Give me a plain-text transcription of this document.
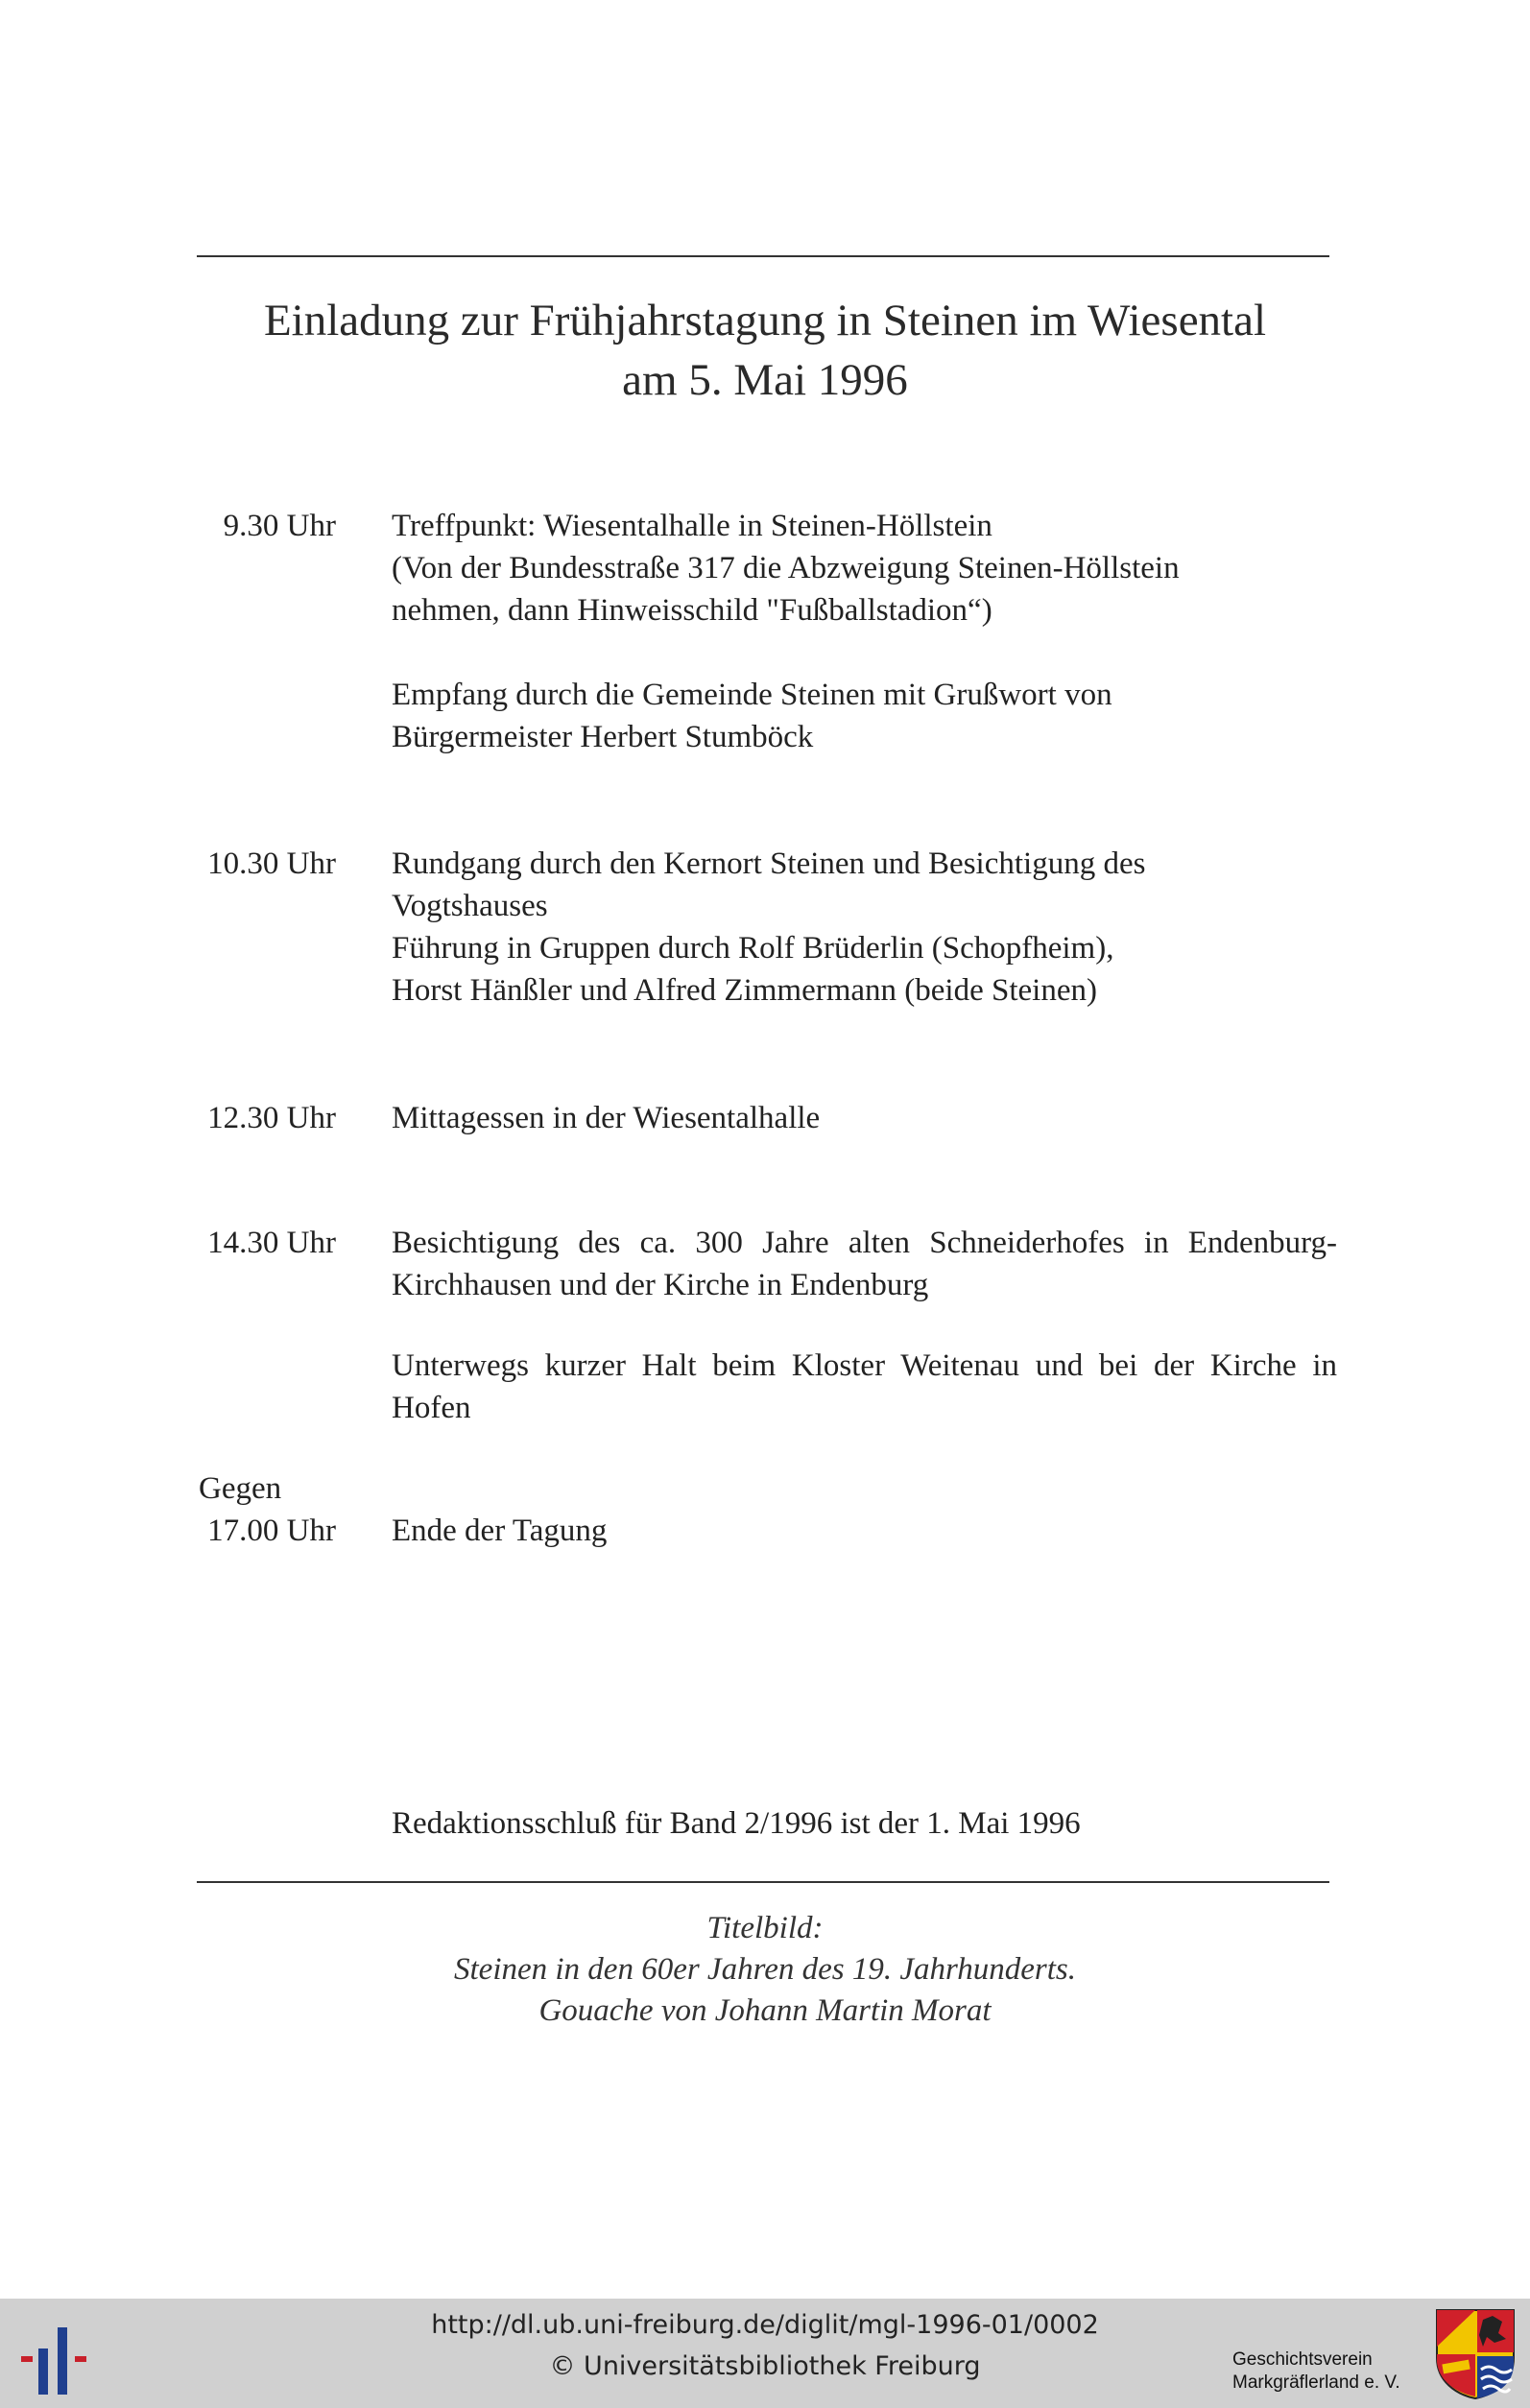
Einladung zur Frühjahrstagung in Steinen im Wiesental
am 5. Mai 1996
9.30 Uhr Treffpunkt: Wiesentalhalle in Steinen-Höllstein
(Von der Bundesstraße 317 die Abzweigung Steinen-Höllstein
nehmen, dann Hinweisschild "Fußballstadion“)
Empfang durch die Gemeinde Steinen mit Grußwort von
Bürgermeister Herbert Stumböck
10.30 Uhr Rundgang durch den Kernort Steinen und Besichtigung des
Vogtshauses
Führung in Gruppen durch Rolf Brüderlin (Schopfheim),
Horst Hänßler und Alfred Zimmermann (beide Steinen)
12.30 Uhr Mittagessen in der Wiesentalhalle
14.30 Uhr Besichtigung des ca. 300 Jahre alten Schneiderhofes in Endenburg-
Kirchhausen und der Kirche in Endenburg
Unterwegs kurzer Halt beim Kloster Weitenau und bei der Kirche in
Hofen
Gegen
17.00 Uhr Ende der Tagung
Redaktionsschluß für Band 2/1996 ist der 1. Mai 1996
Titelbild:
Steinen in den 60er Jahren des 19. Jahrhunderts.
Gouache von Johann Martin Morat
http://dl.ub.uni-freiburg.de/diglit/mgl-1996-01/0002
© Universitätsbibliothek Freiburg	Geschichtsverein
Markgräflerland e. V.
